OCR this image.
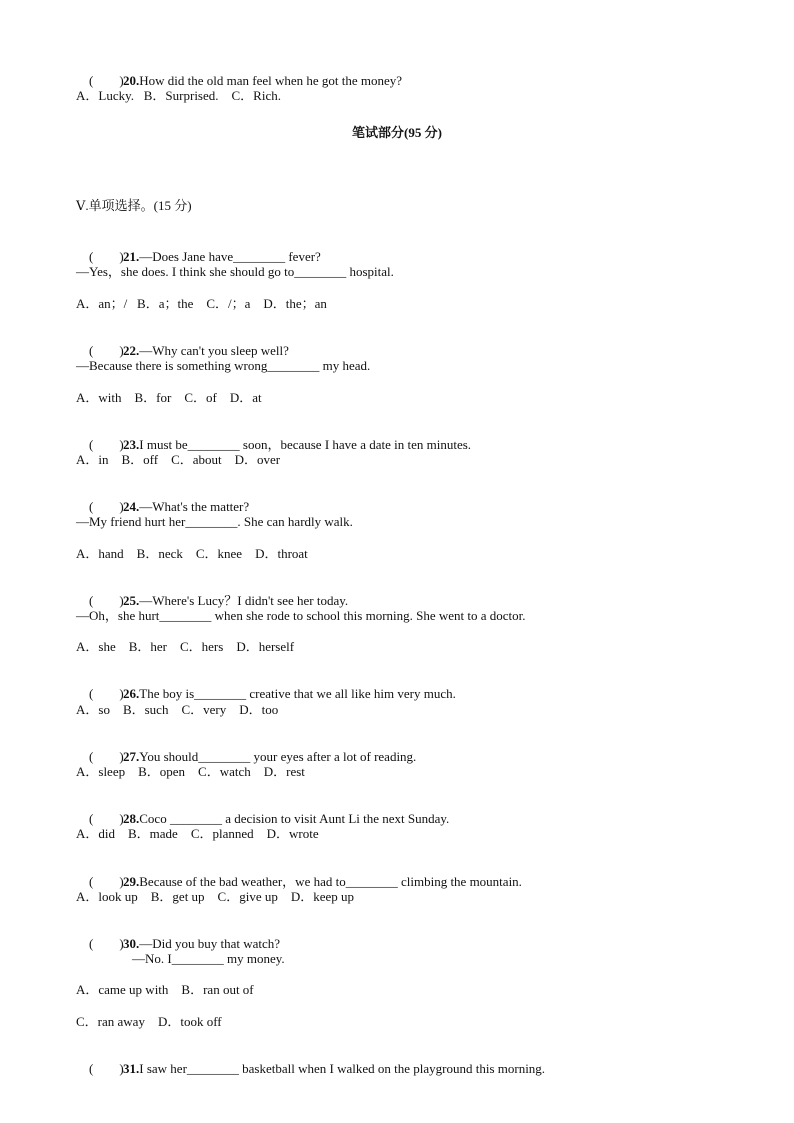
( )20.How did the old man feel when he got the money?

A．Lucky.   B．Surprised.    C．Rich.
笔试部分(95 分)
Ⅴ.单项选择。(15 分)

(        )21.—Does Jane have________ fever?

—Yes，she does. I think she should go to________ hospital.
A．an；/   B．a；the    C．/；a    D．the；an

(        )22.—Why can't you sleep well?

—Because there is something wrong________ my head.
A．with    B．for    C．of    D．at

(        )23.I must be________ soon，because I have a date in ten minutes.

A．in    B．off    C．about    D．over

(        )24.—What's the matter?

—My friend hurt her________. She can hardly walk.
A．hand    B．neck    C．knee    D．throat

(        )25.—Where's Lucy？I didn't see her today.

—Oh，she hurt________ when she rode to school this morning. She went to a doctor.
A．she    B．her    C．hers    D．herself

(        )26.The boy is________ creative that we all like him very much.

A．so    B．such    C．very    D．too

(        )27.You should________ your eyes after a lot of reading.

A．sleep    B．open    C．watch    D．rest

(        )28.Coco ________ a decision to visit Aunt Li the next Sunday.

A．did    B．made    C．planned    D．wrote

(        )29.Because of the bad weather，we had to________ climbing the mountain.

A．look up    B．get up    C．give up    D．keep up

(        )30.—Did you buy that watch?

—No. I________ my money.
A．came up with    B．ran out of
C．ran away    D．took off

(        )31.I saw her________ basketball when I walked on the playground this morning.
